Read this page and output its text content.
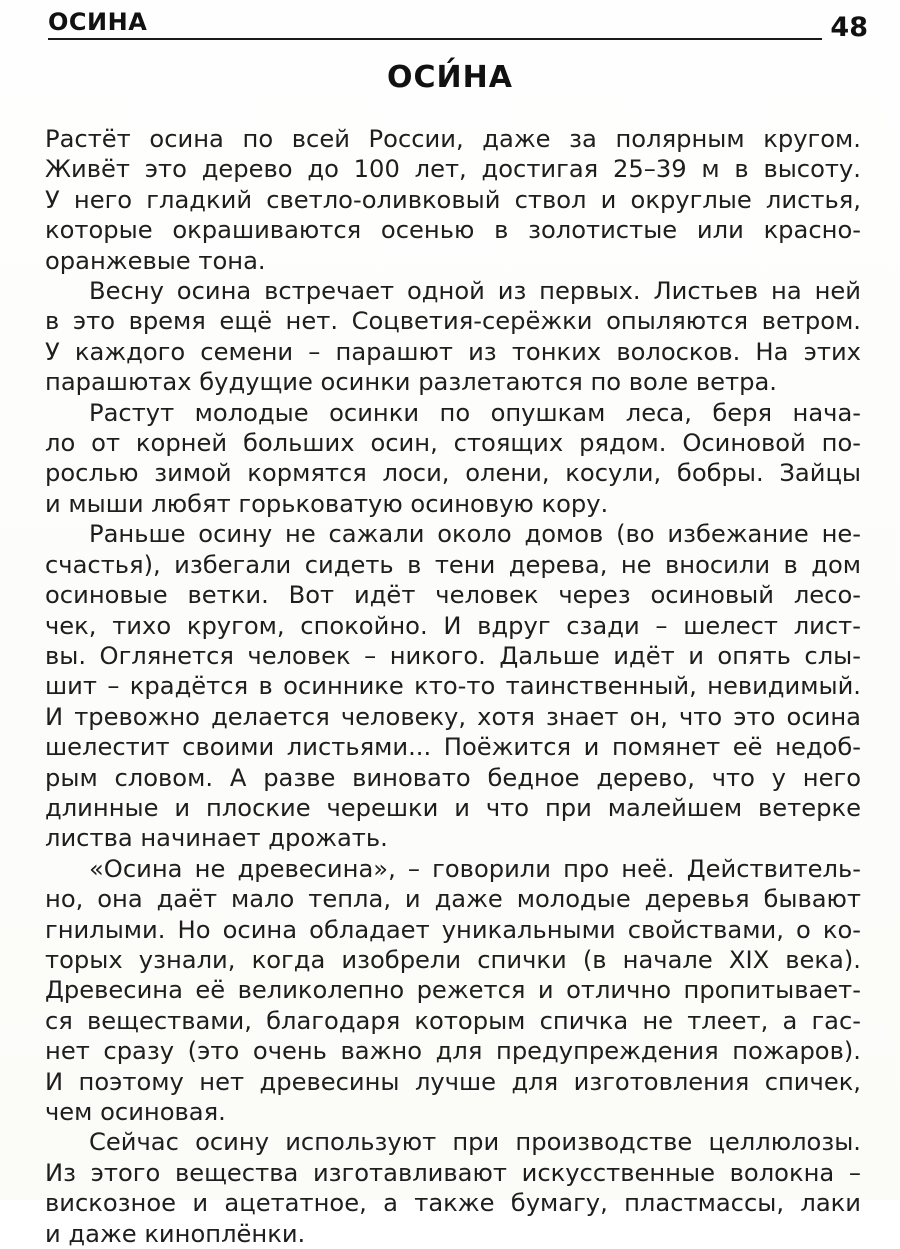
ОСИНА	48
ОСИ́НА

Растёт осина по всей России, даже за полярным кругом.
Живёт это дерево до 100 лет, достигая 25–39 м в высоту.
У него гладкий светло-оливковый ствол и округлые листья,
которые окрашиваются осенью в золотистые или красно-
оранжевые тона.

Весну осина встречает одной из первых. Листьев на ней
в это время ещё нет. Соцветия-серёжки опыляются ветром.
У каждого семени – парашют из тонких волосков. На этих
парашютах будущие осинки разлетаются по воле ветра.

Растут молодые осинки по опушкам леса, беря нача-
ло от корней больших осин, стоящих рядом. Осиновой по-
рослью зимой кормятся лоси, олени, косули, бобры. Зайцы
и мыши любят горьковатую осиновую кору.

Раньше осину не сажали около домов (во избежание не-
счастья), избегали сидеть в тени дерева, не вносили в дом
осиновые ветки. Вот идёт человек через осиновый лесо-
чек, тихо кругом, спокойно. И вдруг сзади – шелест лист-
вы. Оглянется человек – никого. Дальше идёт и опять слы-
шит – крадётся в осиннике кто-то таинственный, невидимый.
И тревожно делается человеку, хотя знает он, что это осина
шелестит своими листьями... Поёжится и помянет её недоб-
рым словом. А разве виновато бедное дерево, что у него
длинные и плоские черешки и что при малейшем ветерке
листва начинает дрожать.

«Осина не древесина», – говорили про неё. Действитель-
но, она даёт мало тепла, и даже молодые деревья бывают
гнилыми. Но осина обладает уникальными свойствами, о ко-
торых узнали, когда изобрели спички (в начале XIX века).
Древесина её великолепно режется и отлично пропитывает-
ся веществами, благодаря которым спичка не тлеет, а гас-
нет сразу (это очень важно для предупреждения пожаров).
И поэтому нет древесины лучше для изготовления спичек,
чем осиновая.

Сейчас осину используют при производстве целлюлозы.
Из этого вещества изготавливают искусственные волокна –
вискозное и ацетатное, а также бумагу, пластмассы, лаки
и даже киноплёнки.
